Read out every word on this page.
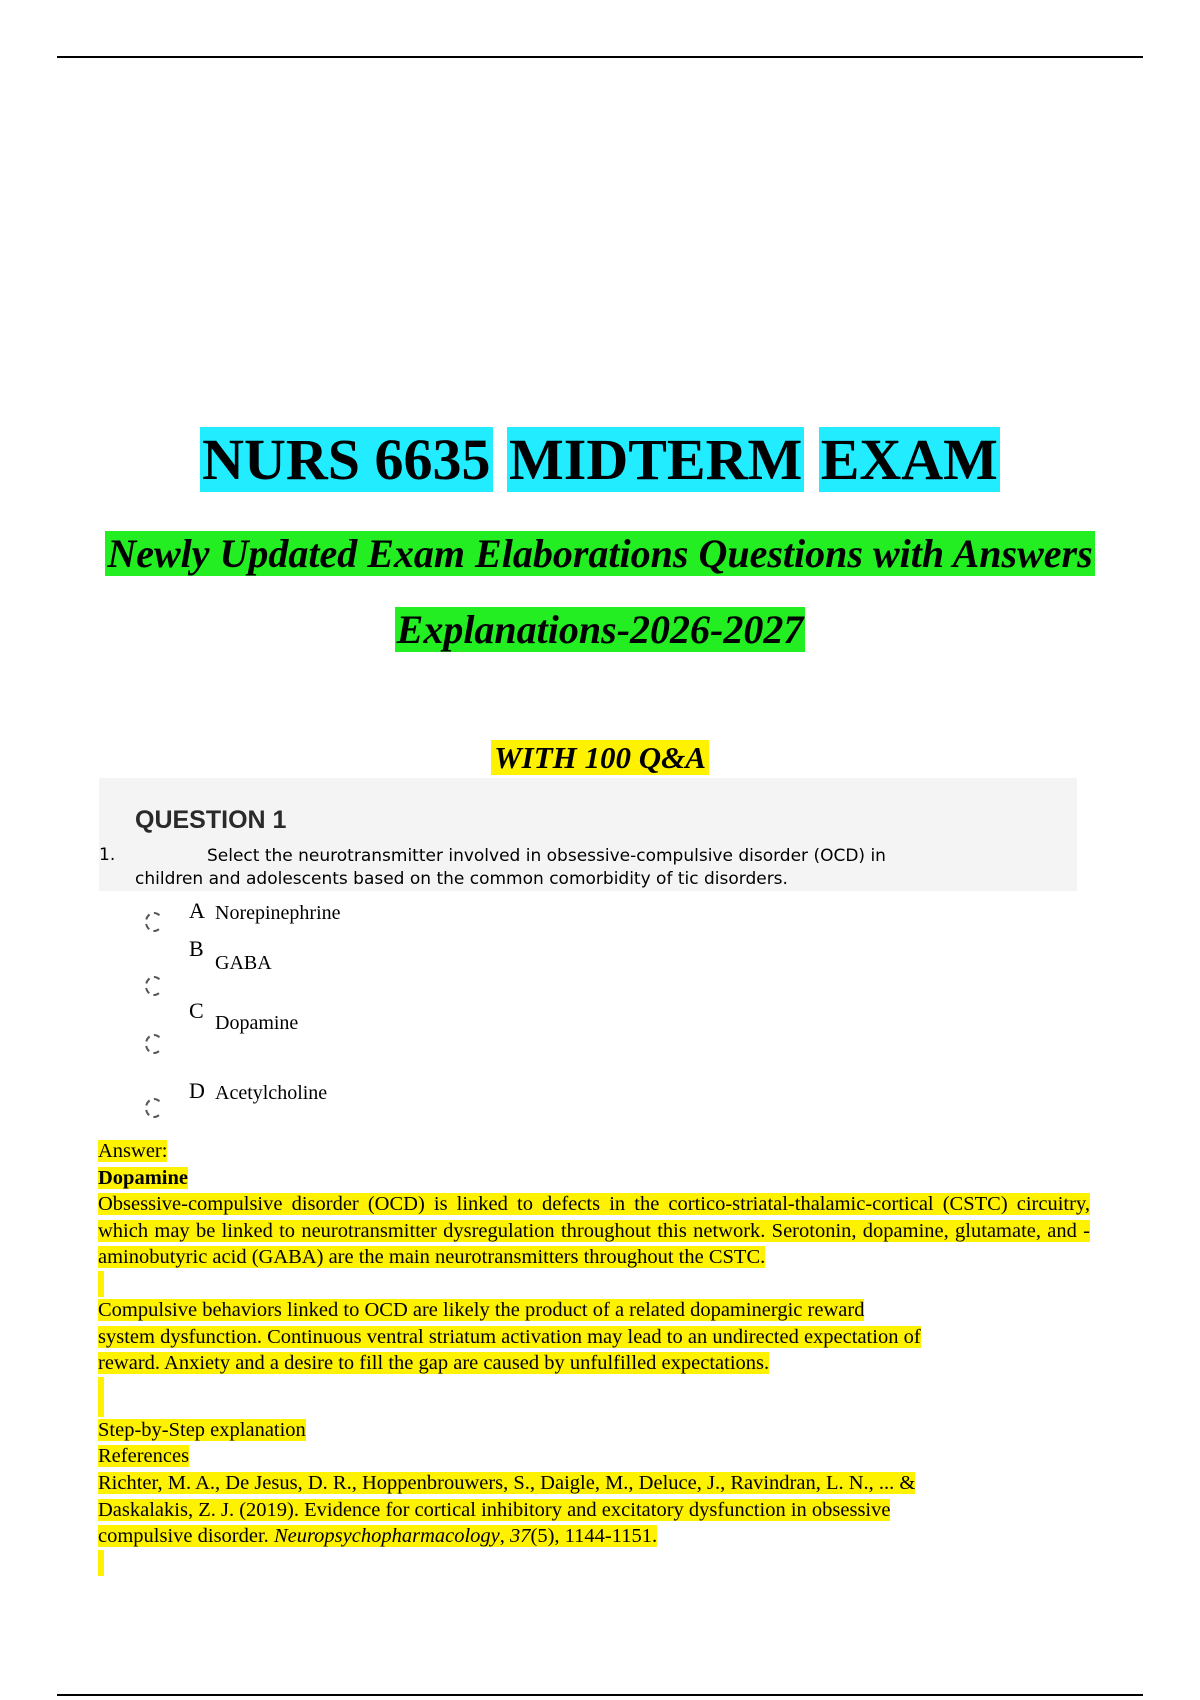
NURS 6635 MIDTERM EXAM
Newly Updated Exam Elaborations Questions with Answers
Explanations-2026-2027
WITH 100 Q&A
QUESTION 1
1.	Select the neurotransmitter involved in obsessive-compulsive disorder (OCD) in
children and adolescents based on the common comorbidity of tic disorders.
A Norepinephrine
B
GABA
C Dopamine
D Acetylcholine

Answer:

Dopamine

Obsessive-compulsive disorder (OCD) is linked to defects in the cortico-striatal-thalamic-cortical (CSTC) circuitry, which may be linked to neurotransmitter dysregulation throughout this network. Serotonin, dopamine, glutamate, and -aminobutyric acid (GABA) are the main neurotransmitters throughout the CSTC.

Compulsive behaviors linked to OCD are likely the product of a related dopaminergic reward

system dysfunction. Continuous ventral striatum activation may lead to an undirected expectation of

reward. Anxiety and a desire to fill the gap are caused by unfulfilled expectations.

Step-by-Step explanation

References

Richter, M. A., De Jesus, D. R., Hoppenbrouwers, S., Daigle, M., Deluce, J., Ravindran, L. N., ... &

Daskalakis, Z. J. (2019). Evidence for cortical inhibitory and excitatory dysfunction in obsessive

compulsive disorder. Neuropsychopharmacology, 37(5), 1144-1151.
